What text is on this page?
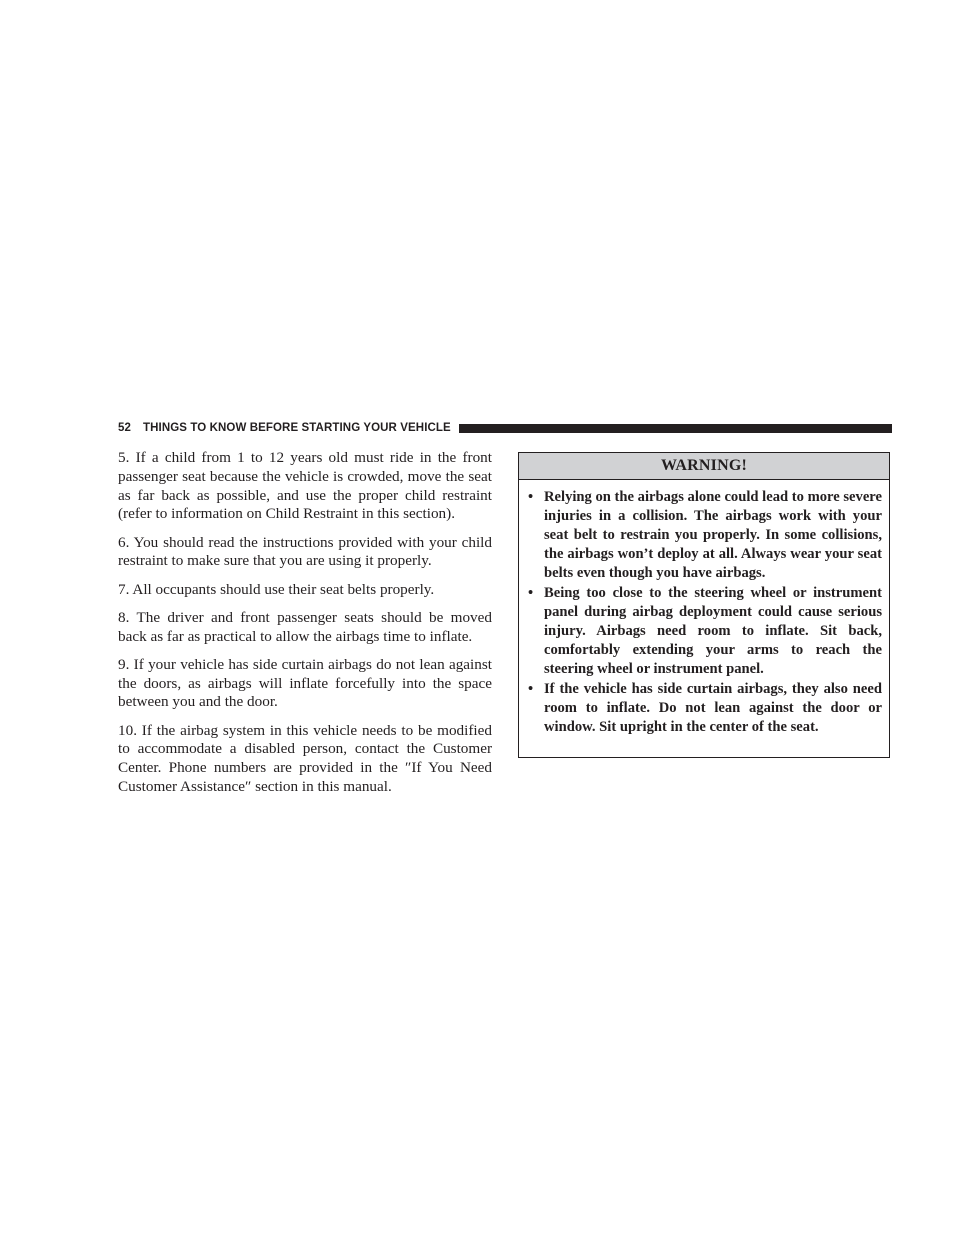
52 THINGS TO KNOW BEFORE STARTING YOUR VEHICLE

5. If a child from 1 to 12 years old must ride in the front passenger seat because the vehicle is crowded, move the seat as far back as possible, and use the proper child restraint (refer to information on Child Restraint in this section).

6. You should read the instructions provided with your child restraint to make sure that you are using it properly.

7. All occupants should use their seat belts properly.

8. The driver and front passenger seats should be moved back as far as practical to allow the airbags time to inflate.

9. If your vehicle has side curtain airbags do not lean against the doors, as airbags will inflate forcefully into the space between you and the door.

10. If the airbag system in this vehicle needs to be modified to accommodate a disabled person, contact the Customer Center. Phone numbers are provided in the ″If You Need Customer Assistance″ section in this manual.

WARNING!
• Relying on the airbags alone could lead to more severe injuries in a collision. The airbags work with your seat belt to restrain you properly. In some collisions, the airbags won’t deploy at all. Always wear your seat belts even though you have airbags.
• Being too close to the steering wheel or instrument panel during airbag deployment could cause serious injury. Airbags need room to inflate. Sit back, comfortably extending your arms to reach the steering wheel or instrument panel.
• If the vehicle has side curtain airbags, they also need room to inflate. Do not lean against the door or window. Sit upright in the center of the seat.
